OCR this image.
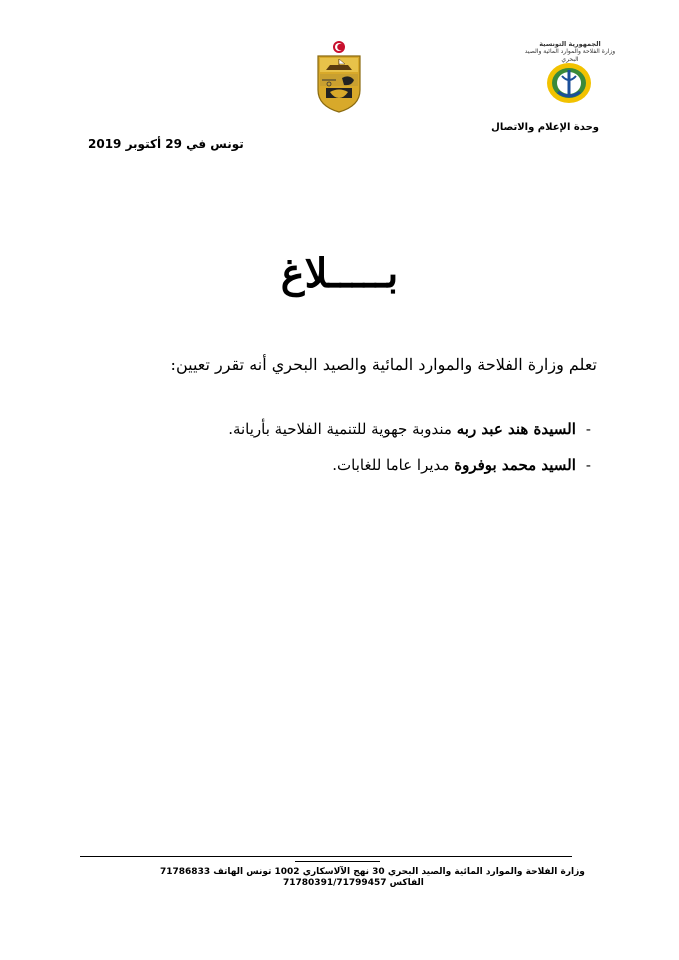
الجمهورية التونسية
وزارة الفلاحة والموارد المائية والصيد البحري
وحدة الإعلام والاتصال
تونس في 29 أكتوبر 2019
بـــــلاغ
تعلم وزارة الفلاحة والموارد المائية والصيد البحري أنه تقرر تعيين:
-السيدة هند عبد ربه مندوبة جهوية للتنمية الفلاحية بأريانة.
-السيد محمد بوفروة مديرا عاما للغابات.
وزارة الفلاحة والموارد المائية والصيد البحري 30 نهج الآلاسكاري 1002 تونس الهاتف 71786833
الفاكس 71780391/71799457
